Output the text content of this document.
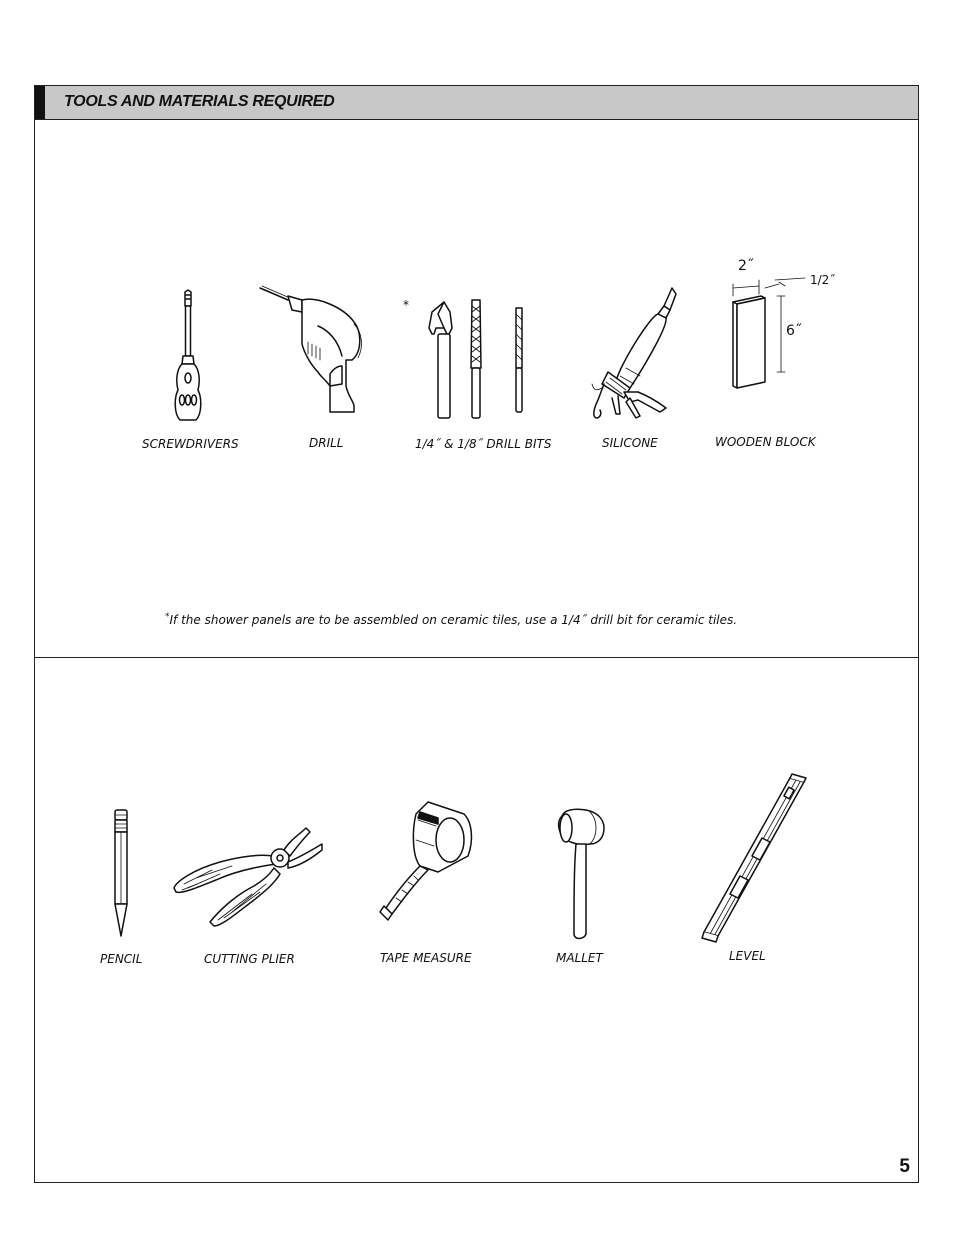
TOOLS AND MATERIALS REQUIRED
5
*
2˝
1/2˝
6˝
SCREWDRIVERS	DRILL	1/4˝ & 1/8˝ DRILL BITS	SILICONE	WOODEN BLOCK
*If the shower panels are to be assembled on ceramic tiles, use a 1/4˝ drill bit for ceramic tiles.
PENCIL	CUTTING PLIER	TAPE MEASURE	MALLET	LEVEL
